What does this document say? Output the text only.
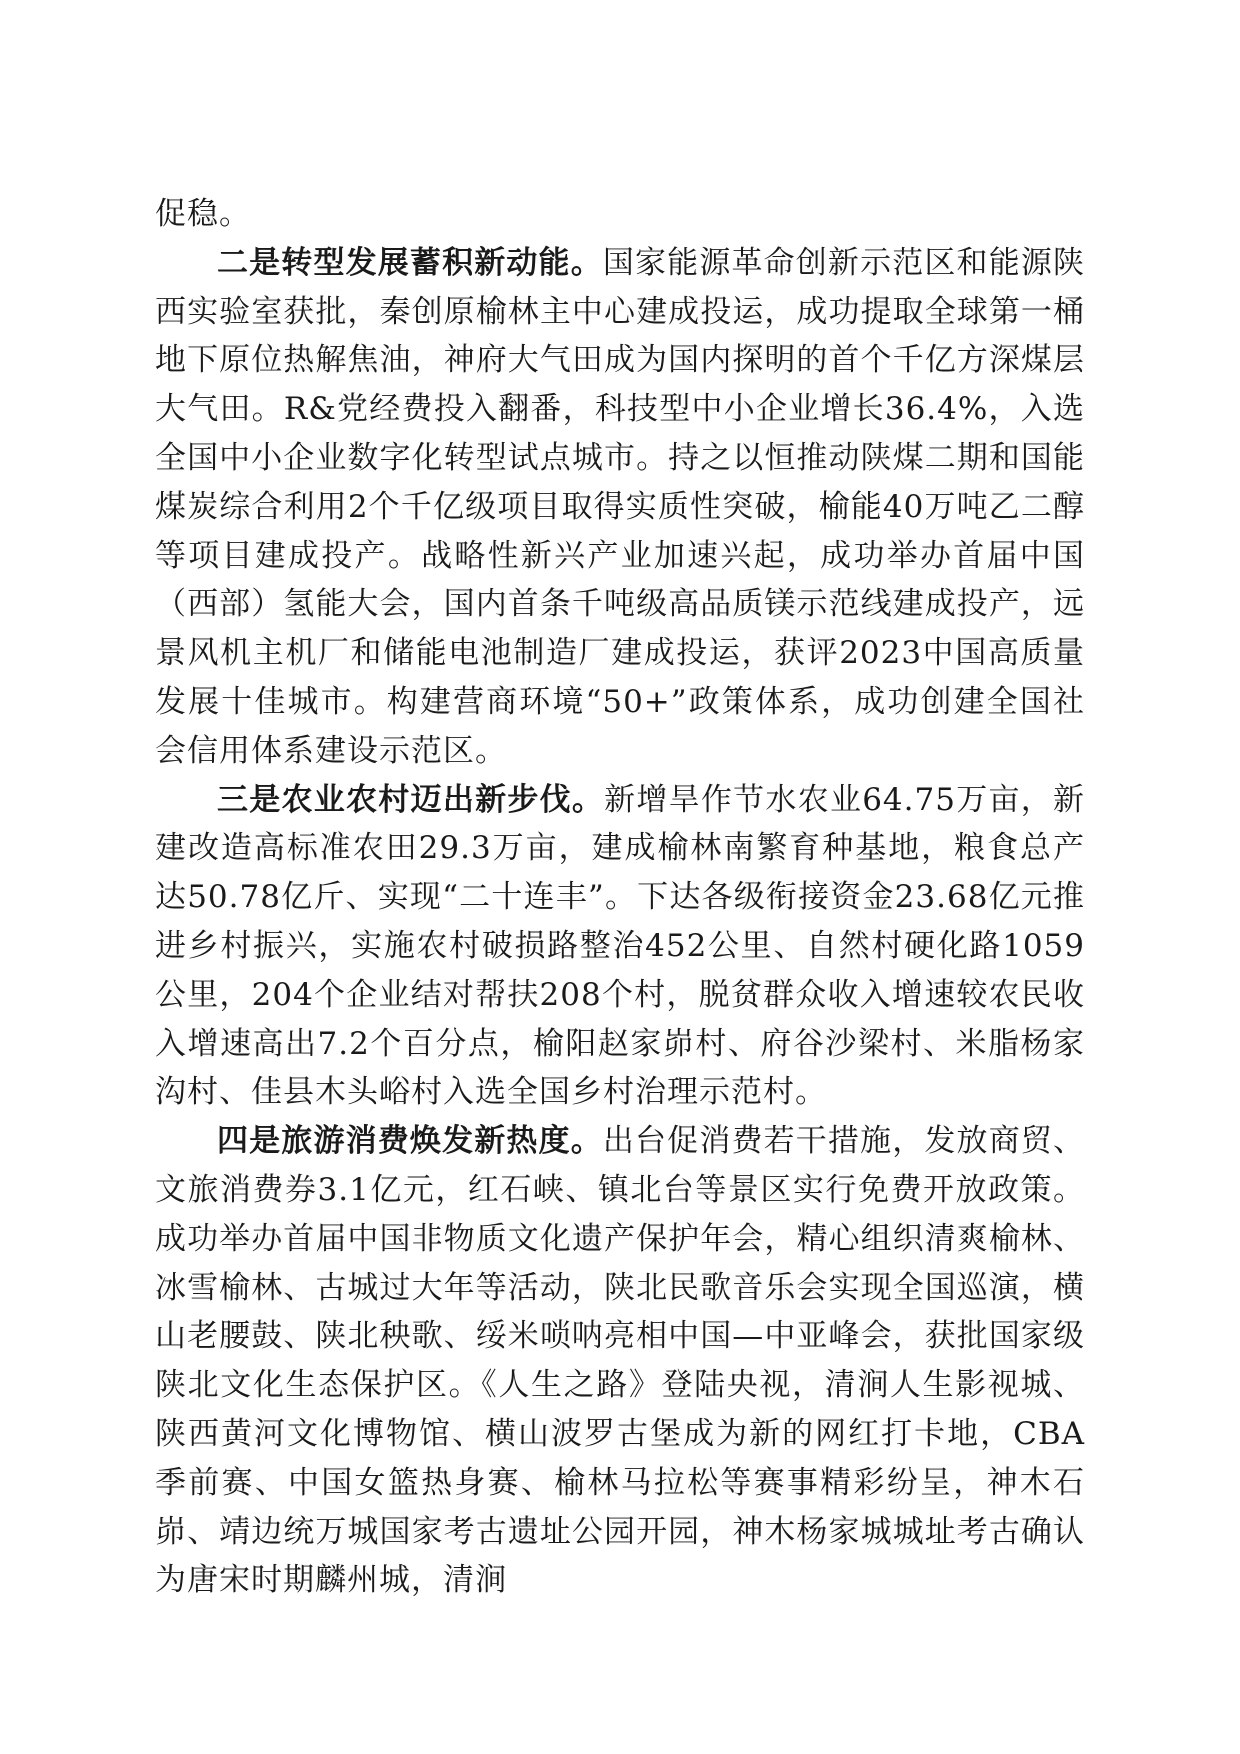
促稳。

二是转型发展蓄积新动能。国家能源革命创新示范区和能源陕西实验室获批，秦创原榆林主中心建成投运，成功提取全球第一桶地下原位热解焦油，神府大气田成为国内探明的首个千亿方深煤层大气田。R&党经费投入翻番，科技型中小企业增长36.4%，入选全国中小企业数字化转型试点城市。持之以恒推动陕煤二期和国能煤炭综合利用2个千亿级项目取得实质性突破，榆能40万吨乙二醇等项目建成投产。战略性新兴产业加速兴起，成功举办首届中国（西部）氢能大会，国内首条千吨级高品质镁示范线建成投产，远景风机主机厂和储能电池制造厂建成投运，获评2023中国高质量发展十佳城市。构建营商环境“50+”政策体系，成功创建全国社会信用体系建设示范区。

三是农业农村迈出新步伐。新增旱作节水农业64.75万亩，新建改造高标准农田29.3万亩，建成榆林南繁育种基地，粮食总产达50.78亿斤、实现“二十连丰”。下达各级衔接资金23.68亿元推进乡村振兴，实施农村破损路整治452公里、自然村硬化路1059公里，204个企业结对帮扶208个村，脱贫群众收入增速较农民收入增速高出7.2个百分点，榆阳赵家峁村、府谷沙梁村、米脂杨家沟村、佳县木头峪村入选全国乡村治理示范村。

四是旅游消费焕发新热度。出台促消费若干措施，发放商贸、文旅消费券3.1亿元，红石峡、镇北台等景区实行免费开放政策。成功举办首届中国非物质文化遗产保护年会，精心组织清爽榆林、冰雪榆林、古城过大年等活动，陕北民歌音乐会实现全国巡演，横山老腰鼓、陕北秧歌、绥米唢呐亮相中国—中亚峰会，获批国家级陕北文化生态保护区。《人生之路》登陆央视，清涧人生影视城、陕西黄河文化博物馆、横山波罗古堡成为新的网红打卡地，CBA季前赛、中国女篮热身赛、榆林马拉松等赛事精彩纷呈，神木石峁、靖边统万城国家考古遗址公园开园，神木杨家城城址考古确认为唐宋时期麟州城，清涧
